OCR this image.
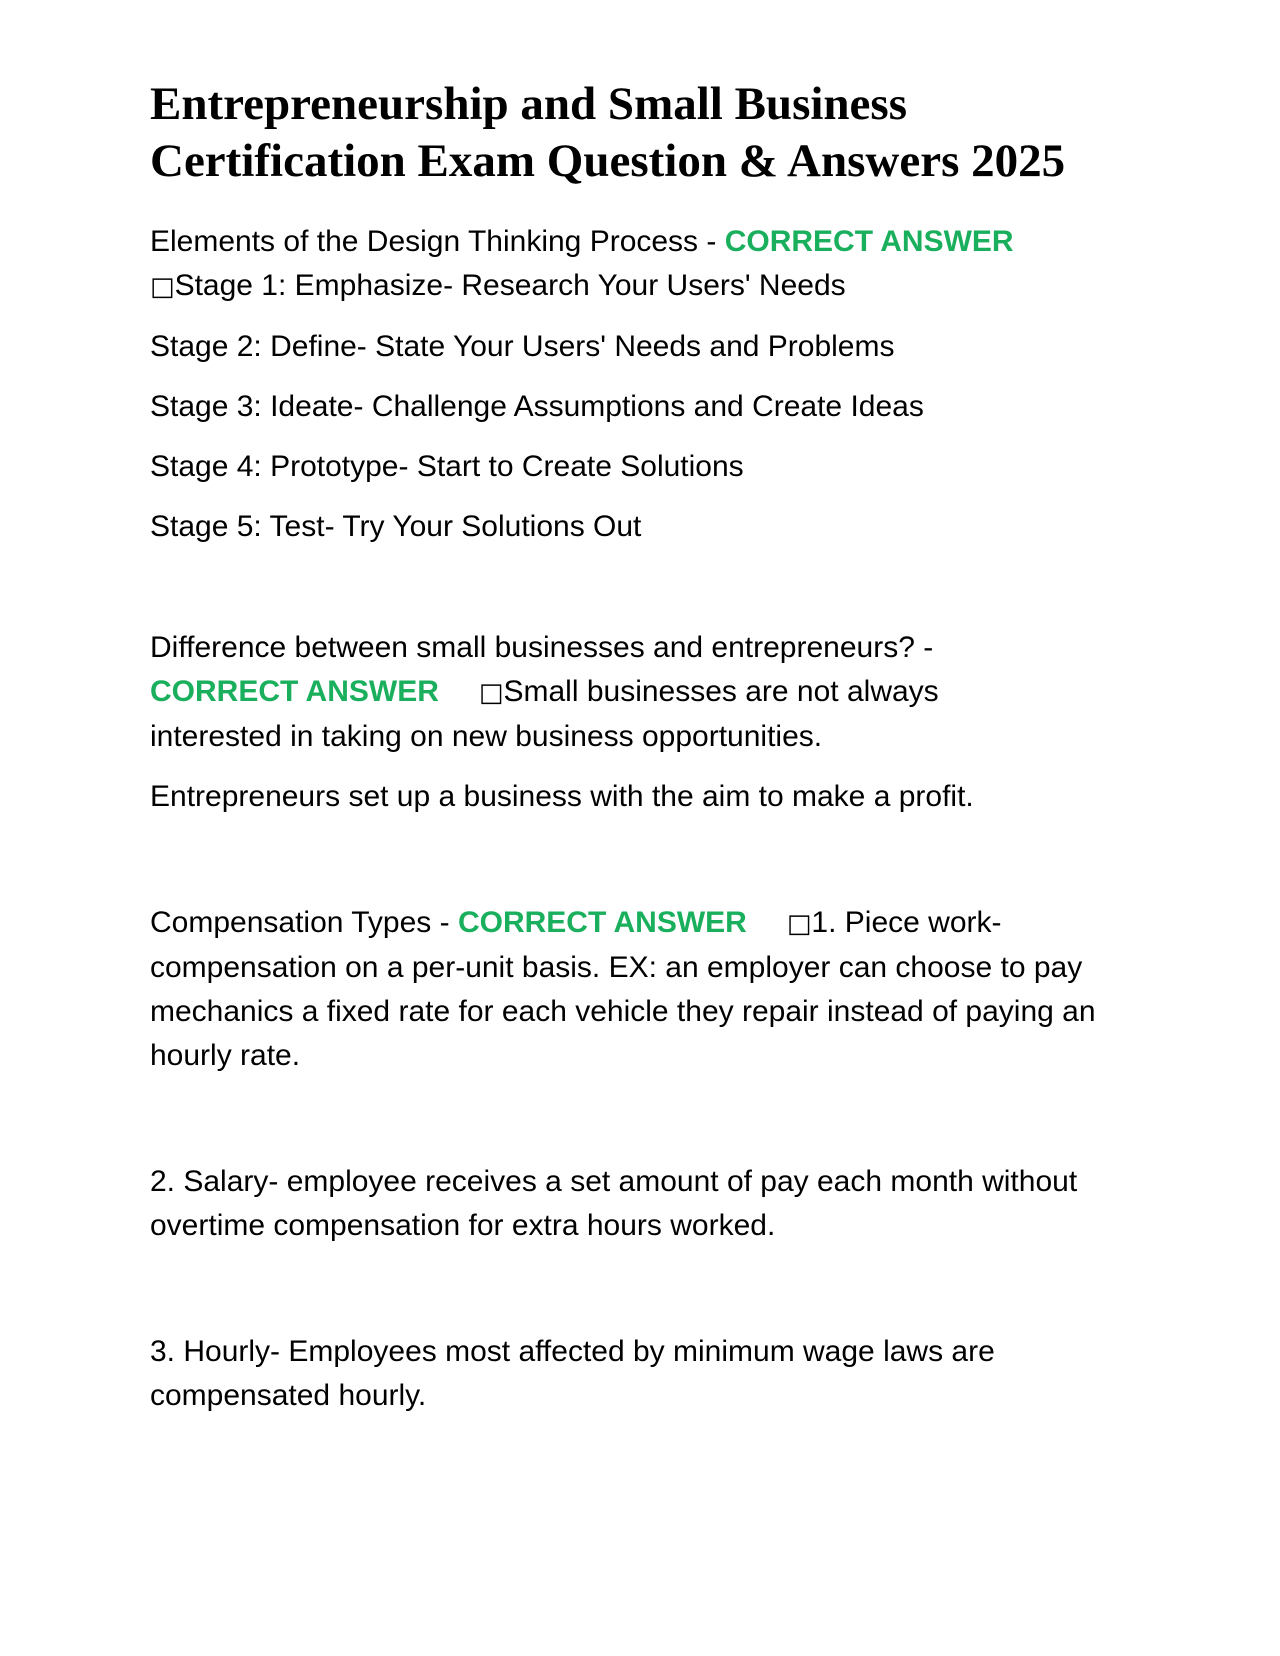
Entrepreneurship and Small Business Certification Exam Question & Answers 2025
Elements of the Design Thinking Process - CORRECT ANSWER
□Stage 1: Emphasize- Research Your Users' Needs
Stage 2: Define- State Your Users' Needs and Problems
Stage 3: Ideate- Challenge Assumptions and Create Ideas
Stage 4: Prototype- Start to Create Solutions
Stage 5: Test- Try Your Solutions Out
Difference between small businesses and entrepreneurs? - CORRECT ANSWER □Small businesses are not always interested in taking on new business opportunities.
Entrepreneurs set up a business with the aim to make a profit.
Compensation Types - CORRECT ANSWER □1. Piece work- compensation on a per-unit basis. EX: an employer can choose to pay mechanics a fixed rate for each vehicle they repair instead of paying an hourly rate.
2. Salary- employee receives a set amount of pay each month without overtime compensation for extra hours worked.
3. Hourly- Employees most affected by minimum wage laws are compensated hourly.
